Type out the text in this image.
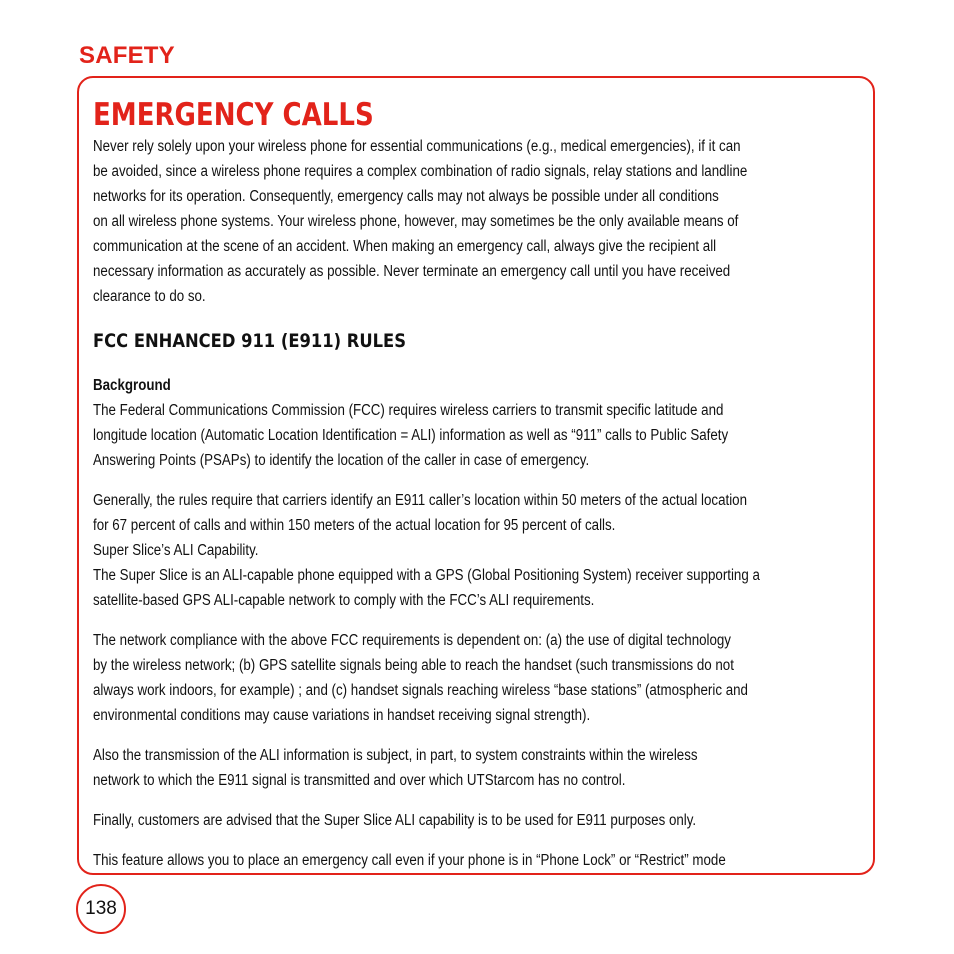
SAFETY
EMERGENCY CALLS

Never rely solely upon your wireless phone for essential communications (e.g., medical emergencies), if it can
be avoided, since a wireless phone requires a complex combination of radio signals, relay stations and landline
networks for its operation. Consequently, emergency calls may not always be possible under all conditions
on all wireless phone systems. Your wireless phone, however, may sometimes be the only available means of
communication at the scene of an accident. When making an emergency call, always give the recipient all
necessary information as accurately as possible. Never terminate an emergency call until you have received
clearance to do so.

FCC ENHANCED 911 (E911) RULES
Background

The Federal Communications Commission (FCC) requires wireless carriers to transmit specific latitude and
longitude location (Automatic Location Identification = ALI) information as well as “911” calls to Public Safety
Answering Points (PSAPs) to identify the location of the caller in case of emergency.

Generally, the rules require that carriers identify an E911 caller’s location within 50 meters of the actual location
for 67 percent of calls and within 150 meters of the actual location for 95 percent of calls.
Super Slice’s ALI Capability.
The Super Slice is an ALI-capable phone equipped with a GPS (Global Positioning System) receiver supporting a
satellite-based GPS ALI-capable network to comply with the FCC’s ALI requirements.

The network compliance with the above FCC requirements is dependent on: (a) the use of digital technology
by the wireless network; (b) GPS satellite signals being able to reach the handset (such transmissions do not
always work indoors, for example) ; and (c) handset signals reaching wireless “base stations” (atmospheric and
environmental conditions may cause variations in handset receiving signal strength).

Also the transmission of the ALI information is subject, in part, to system constraints within the wireless
network to which the E911 signal is transmitted and over which UTStarcom has no control.

Finally, customers are advised that the Super Slice ALI capability is to be used for E911 purposes only.

This feature allows you to place an emergency call even if your phone is in “Phone Lock” or “Restrict” mode

138
